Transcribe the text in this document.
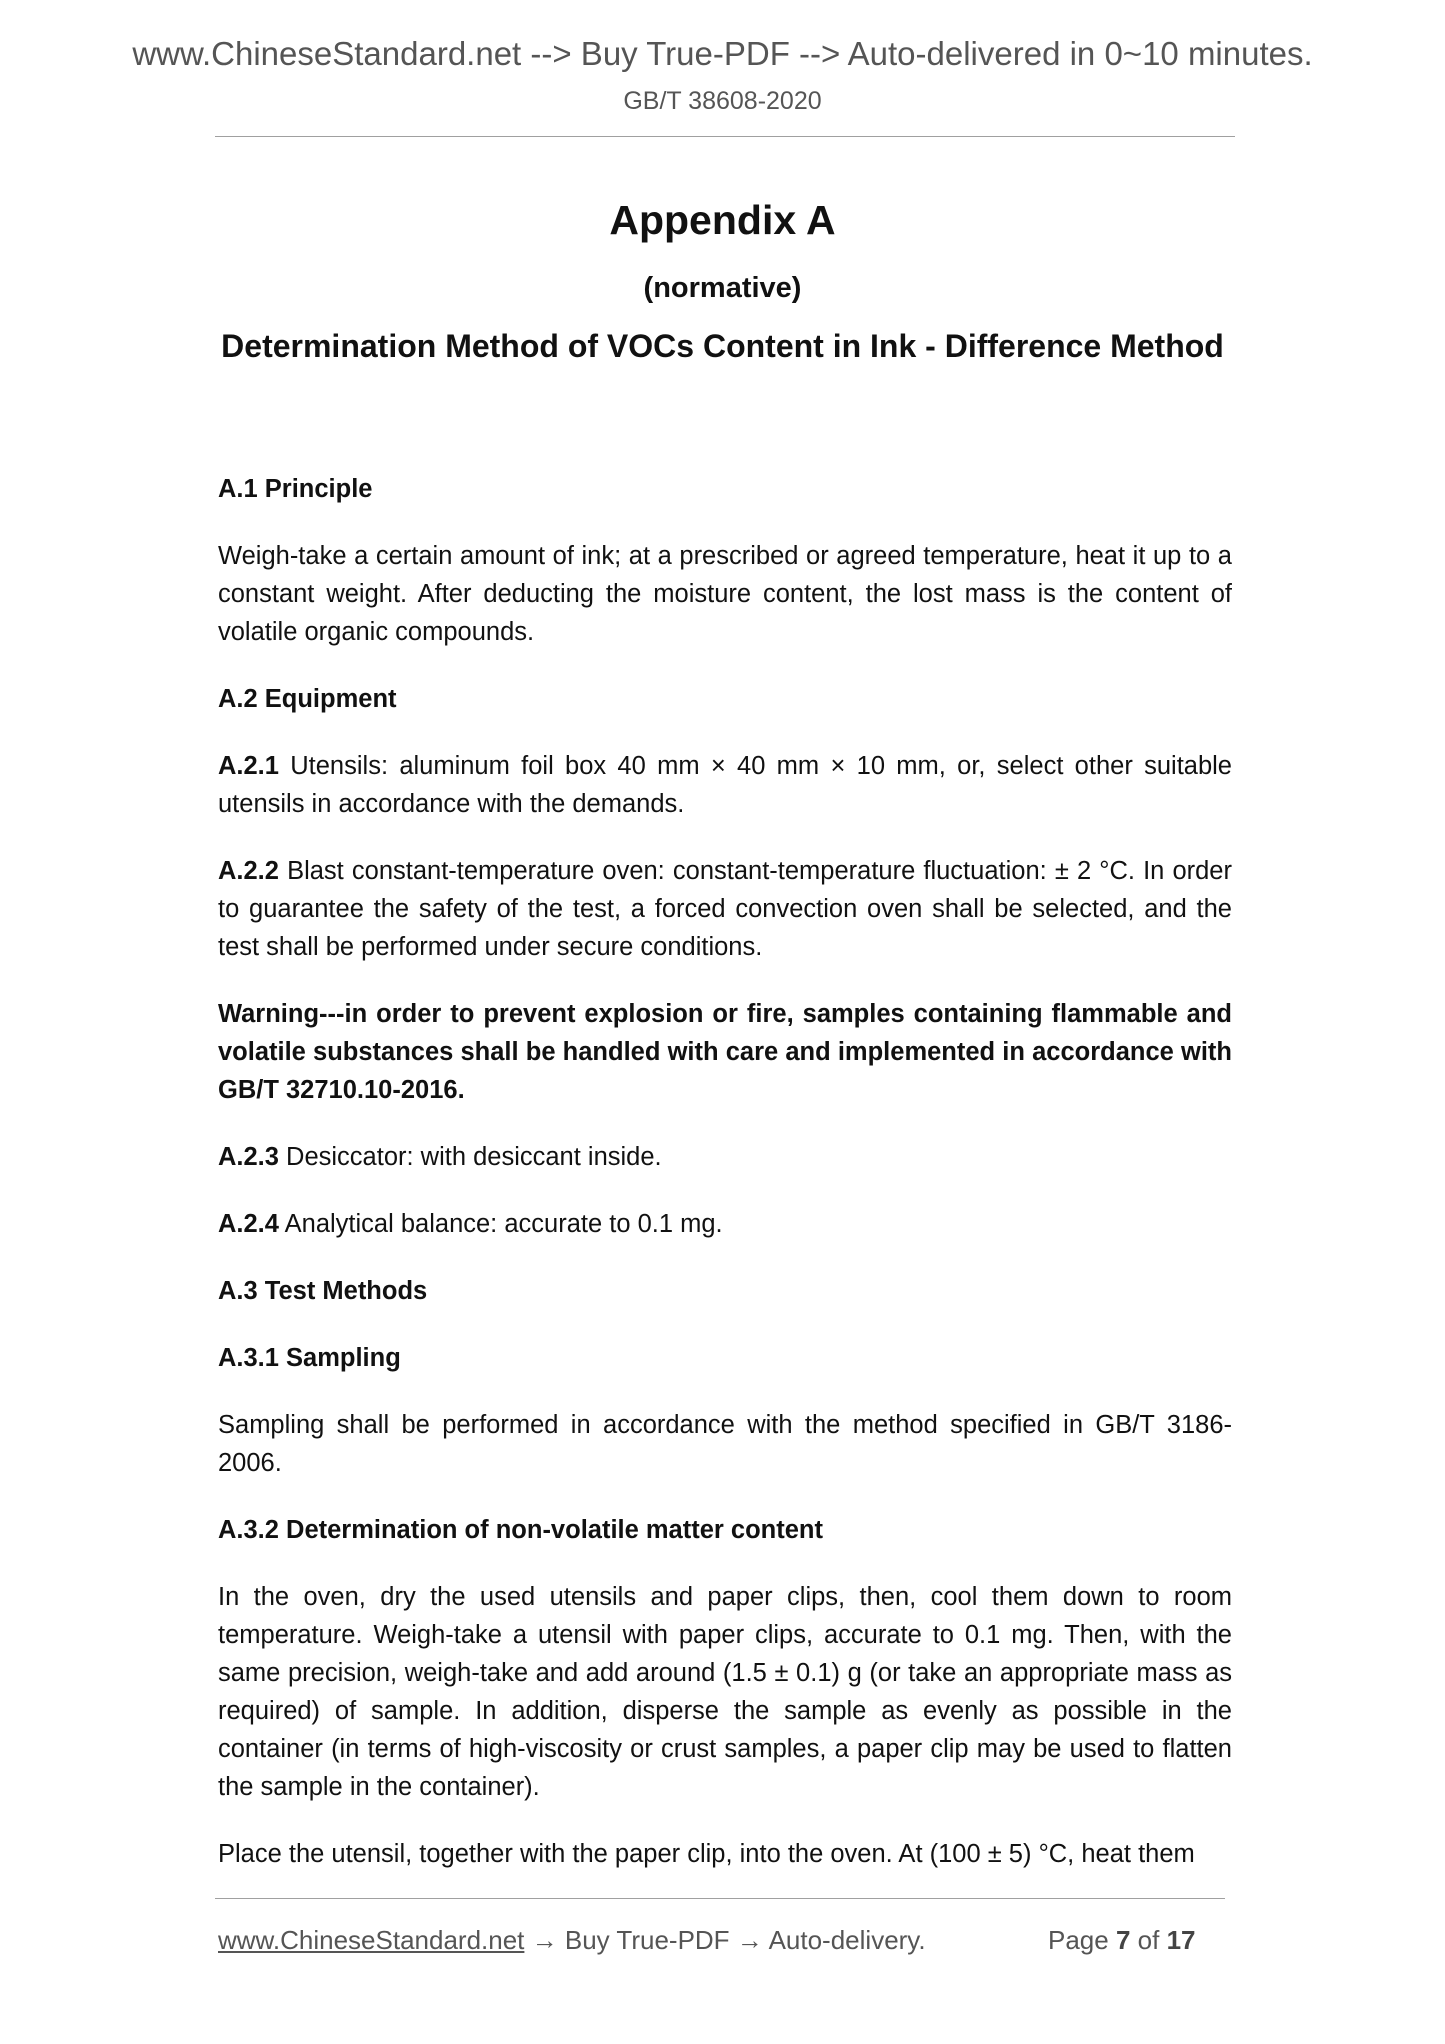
www.ChineseStandard.net --> Buy True-PDF --> Auto-delivered in 0~10 minutes.
GB/T 38608-2020
Appendix A
(normative)
Determination Method of VOCs Content in Ink - Difference Method

A.1 Principle

Weigh-take a certain amount of ink; at a prescribed or agreed temperature, heat it up to a constant weight. After deducting the moisture content, the lost mass is the content of volatile organic compounds.

A.2 Equipment

A.2.1 Utensils: aluminum foil box 40 mm × 40 mm × 10 mm, or, select other suitable utensils in accordance with the demands.

A.2.2 Blast constant-temperature oven: constant-temperature fluctuation: ± 2 °C. In order to guarantee the safety of the test, a forced convection oven shall be selected, and the test shall be performed under secure conditions.

Warning---in order to prevent explosion or fire, samples containing flammable and volatile substances shall be handled with care and implemented in accordance with GB/T 32710.10-2016.

A.2.3 Desiccator: with desiccant inside.

A.2.4 Analytical balance: accurate to 0.1 mg.

A.3 Test Methods

A.3.1 Sampling

Sampling shall be performed in accordance with the method specified in GB/T 3186-2006.

A.3.2 Determination of non-volatile matter content

In the oven, dry the used utensils and paper clips, then, cool them down to room temperature. Weigh-take a utensil with paper clips, accurate to 0.1 mg. Then, with the same precision, weigh-take and add around (1.5 ± 0.1) g (or take an appropriate mass as required) of sample. In addition, disperse the sample as evenly as possible in the container (in terms of high-viscosity or crust samples, a paper clip may be used to flatten the sample in the container).

Place the utensil, together with the paper clip, into the oven. At (100 ± 5) °C, heat them

www.ChineseStandard.net → Buy True-PDF → Auto-delivery.	Page 7 of 17
